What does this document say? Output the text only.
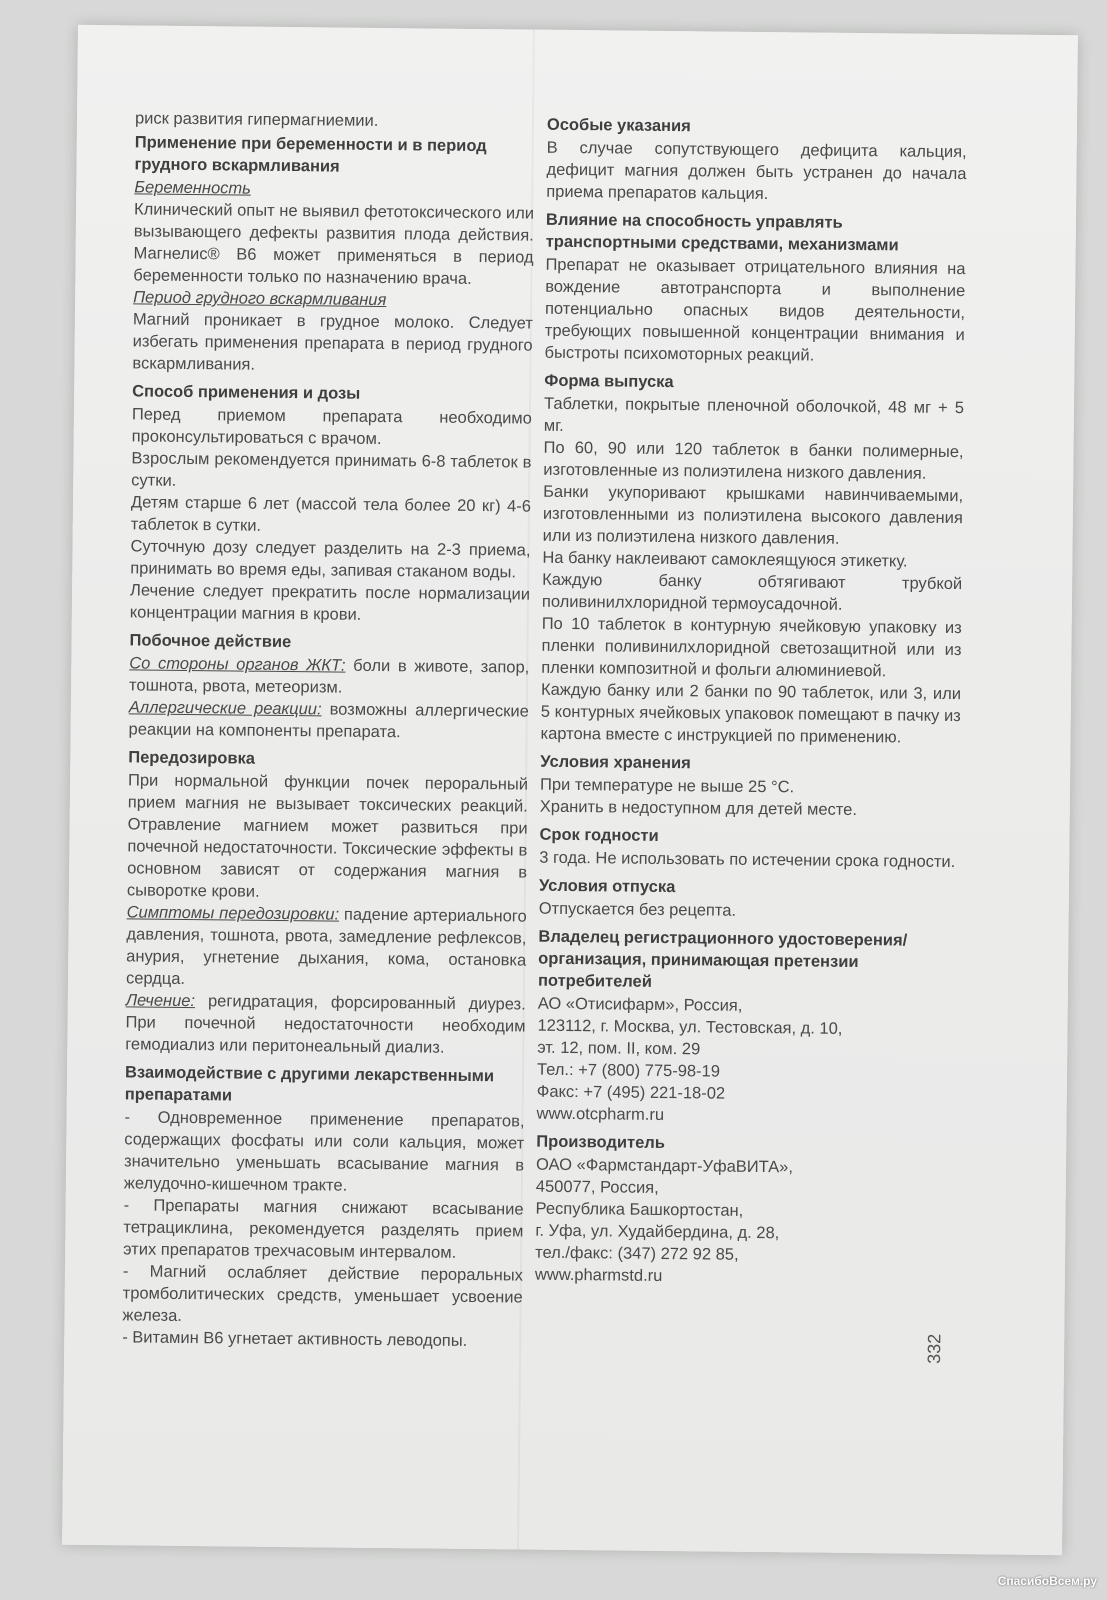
риск развития гипермагниемии.

Применение при беременности и в период грудного вскармливания
Беременность

Клинический опыт не выявил фетотоксического или вызывающего дефекты развития плода действия. Магнелис® B6 может применяться в период беременности только по назначению врача.

Период грудного вскармливания

Магний проникает в грудное молоко. Следует избегать применения препарата в период грудного вскармливания.

Способ применения и дозы

Перед приемом препарата необходимо проконсультироваться с врачом.

Взрослым рекомендуется принимать 6-8 таблеток в сутки.

Детям старше 6 лет (массой тела более 20 кг) 4-6 таблеток в сутки.

Суточную дозу следует разделить на 2-3 приема, принимать во время еды, запивая стаканом воды.

Лечение следует прекратить после нормализации концентрации магния в крови.

Побочное действие

Со стороны органов ЖКТ: боли в животе, запор, тошнота, рвота, метеоризм.

Аллергические реакции: возможны аллергические реакции на компоненты препарата.

Передозировка

При нормальной функции почек пероральный прием магния не вызывает токсических реакций. Отравление магнием может развиться при почечной недостаточности. Токсические эффекты в основном зависят от содержания магния в сыворотке крови.

Симптомы передозировки: падение артериального давления, тошнота, рвота, замедление рефлексов, анурия, угнетение дыхания, кома, остановка сердца.

Лечение: регидратация, форсированный диурез. При почечной недостаточности необходим гемодиализ или перитонеальный диализ.

Взаимодействие с другими лекарственными препаратами

- Одновременное применение препаратов, содержащих фосфаты или соли кальция, может значительно уменьшать всасывание магния в желудочно-кишечном тракте.

- Препараты магния снижают всасывание тетрациклина, рекомендуется разделять прием этих препаратов трехчасовым интервалом.

- Магний ослабляет действие пероральных тромболитических средств, уменьшает усвоение железа.

- Витамин B6 угнетает активность леводопы.

Особые указания

В случае сопутствующего дефицита кальция, дефицит магния должен быть устранен до начала приема препаратов кальция.

Влияние на способность управлять транспортными средствами, механизмами

Препарат не оказывает отрицательного влияния на вождение автотранспорта и выполнение потенциально опасных видов деятельности, требующих повышенной концентрации внимания и быстроты психомоторных реакций.

Форма выпуска

Таблетки, покрытые пленочной оболочкой, 48 мг + 5 мг.

По 60, 90 или 120 таблеток в банки полимерные, изготовленные из полиэтилена низкого давления.

Банки укупоривают крышками навинчиваемыми, изготовленными из полиэтилена высокого давления или из полиэтилена низкого давления.

На банку наклеивают самоклеящуюся этикетку.

Каждую банку обтягивают трубкой поливинилхлоридной термоусадочной.

По 10 таблеток в контурную ячейковую упаковку из пленки поливинилхлоридной светозащитной или из пленки композитной и фольги алюминиевой.

Каждую банку или 2 банки по 90 таблеток, или 3, или 5 контурных ячейковых упаковок помещают в пачку из картона вместе с инструкцией по применению.

Условия хранения

При температуре не выше 25 °С.

Хранить в недоступном для детей месте.

Срок годности

3 года. Не использовать по истечении срока годности.

Условия отпуска

Отпускается без рецепта.

Владелец регистрационного удостоверения/организация, принимающая претензии потребителей
АО «Отисифарм», Россия,
123112, г. Москва, ул. Тестовская, д. 10,
эт. 12, пом. II, ком. 29
Тел.: +7 (800) 775-98-19
Факс: +7 (495) 221-18-02
www.otcpharm.ru
Производитель
ОАО «Фармстандарт-УфаВИТА»,
450077, Россия,
Республика Башкортостан,
г. Уфа, ул. Худайбердина, д. 28,
тел./факс: (347) 272 92 85,
www.pharmstd.ru
332
СпасибоВсем.ру
